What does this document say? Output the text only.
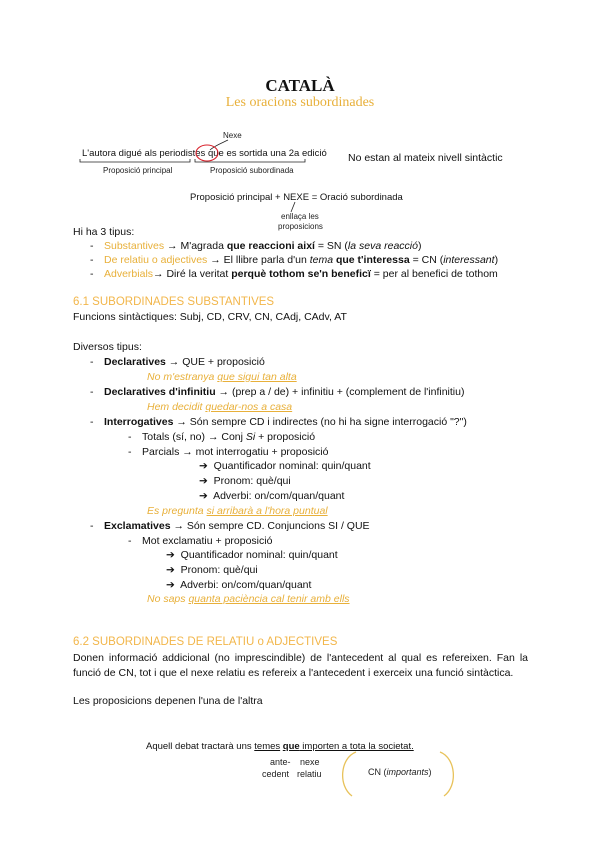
CATALÀ
Les oracions subordinades
Nexe
L'autora digué als periodistes que es sortida una 2a edició
Proposició principal	Proposició subordinada
No estan al mateix nivell sintàctic
Proposició principal + NEXE = Oració subordinada
enllaça les
proposicions
Hi ha 3 tipus:
- Substantives → M'agrada que reaccioni així = SN (la seva reacció)
- De relatiu o adjectives → El llibre parla d'un tema que t'interessa = CN (interessant)
- Adverbials→ Diré la veritat perquè tothom se'n beneficï = per al benefici de tothom
6.1 SUBORDINADES SUBSTANTIVES
Funcions sintàctiques: Subj, CD, CRV, CN, CAdj, CAdv, AT
Diversos tipus:
- Declaratives → QUE + proposició
No m'estranya que sigui tan alta
- Declaratives d'infinitiu → (prep a / de) + infinitiu + (complement de l'infinitiu)
Hem decidit quedar-nos a casa
- Interrogatives → Són sempre CD i indirectes (no hi ha signe interrogació "?")
- Totals (sí, no) → Conj Si + proposició
- Parcials → mot interrogatiu + proposició
➔ Quantificador nominal: quin/quant
➔ Pronom: què/qui
➔ Adverbi: on/com/quan/quant
Es pregunta si arribarà a l'hora puntual
- Exclamatives → Són sempre CD. Conjuncions SI / QUE
- Mot exclamatiu + proposició
➔ Quantificador nominal: quin/quant
➔ Pronom: què/qui
➔ Adverbi: on/com/quan/quant
No saps quanta paciència cal tenir amb ells
6.2 SUBORDINADES DE RELATIU o ADJECTIVES
Donen informació addicional (no imprescindible) de l'antecedent al qual es refereixen. Fan la funció de CN, tot i que el nexe relatiu es refereix a l'antecedent i exerceix una funció sintàctica.
Les proposicions depenen l'una de l'altra
Aquell debat tractarà uns temes que importen a tota la societat.
ante-
cedent
nexe
relatiu	CN (importants)
